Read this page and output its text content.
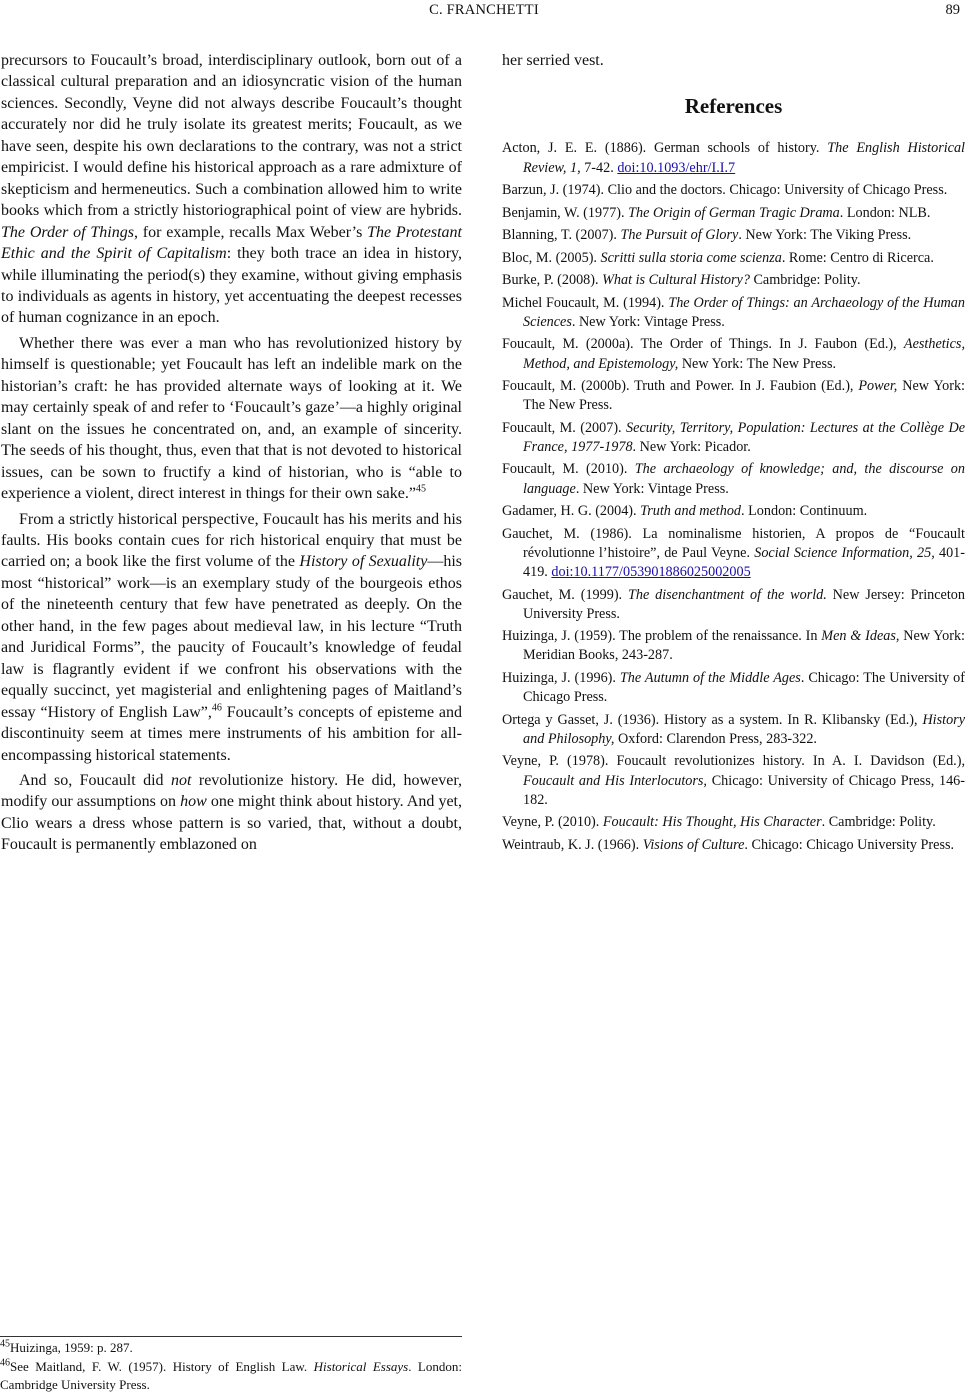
C. FRANCHETTI	89

precursors to Foucault’s broad, interdisciplinary outlook, born out of a classical cultural preparation and an idiosyncratic vision of the human sciences. Secondly, Veyne did not always describe Foucault’s thought accurately nor did he truly isolate its greatest merits; Foucault, as we have seen, despite his own declarations to the contrary, was not a strict empiricist. I would define his historical approach as a rare admixture of skepticism and hermeneutics. Such a combination allowed him to write books which from a strictly historiographical point of view are hybrids. The Order of Things, for example, recalls Max Weber’s The Protestant Ethic and the Spirit of Capitalism: they both trace an idea in history, while illuminating the period(s) they examine, without giving emphasis to individuals as agents in history, yet accentuating the deepest recesses of human cognizance in an epoch.

Whether there was ever a man who has revolutionized history by himself is questionable; yet Foucault has left an indelible mark on the historian’s craft: he has provided alternate ways of looking at it. We may certainly speak of and refer to ‘Foucault’s gaze’—a highly original slant on the issues he concentrated on, and, an example of sincerity. The seeds of his thought, thus, even that that is not devoted to historical issues, can be sown to fructify a kind of historian, who is “able to experience a violent, direct interest in things for their own sake.”$^{45}$

From a strictly historical perspective, Foucault has his merits and his faults. His books contain cues for rich historical enquiry that must be carried on; a book like the first volume of the History of Sexuality—his most “historical” work—is an exemplary study of the bourgeois ethos of the nineteenth century that few have penetrated as deeply. On the other hand, in the few pages about medieval law, in his lecture “Truth and Juridical Forms”, the paucity of Foucault’s knowledge of feudal law is flagrantly evident if we confront his observations with the equally succinct, yet magisterial and enlightening pages of Maitland’s essay “History of English Law”,$^{46}$ Foucault’s concepts of episteme and discontinuity seem at times mere instruments of his ambition for all-encompassing historical statements.

And so, Foucault did not revolutionize history. He did, however, modify our assumptions on how one might think about history. And yet, Clio wears a dress whose pattern is so varied, that, without a doubt, Foucault is permanently emblazoned on

her serried vest.

References
Acton, J. E. E. (1886). German schools of history. The English Historical Review, 1, 7-42. doi:10.1093/ehr/I.I.7
Barzun, J. (1974). Clio and the doctors. Chicago: University of Chicago Press.
Benjamin, W. (1977). The Origin of German Tragic Drama. London: NLB.
Blanning, T. (2007). The Pursuit of Glory. New York: The Viking Press.
Bloc, M. (2005). Scritti sulla storia come scienza. Rome: Centro di Ricerca.
Burke, P. (2008). What is Cultural History? Cambridge: Polity.
Michel Foucault, M. (1994). The Order of Things: an Archaeology of the Human Sciences. New York: Vintage Press.
Foucault, M. (2000a). The Order of Things. In J. Faubon (Ed.), Aesthetics, Method, and Epistemology, New York: The New Press.
Foucault, M. (2000b). Truth and Power. In J. Faubion (Ed.), Power, New York: The New Press.
Foucault, M. (2007). Security, Territory, Population: Lectures at the Collège De France, 1977-1978. New York: Picador.
Foucault, M. (2010). The archaeology of knowledge; and, the discourse on language. New York: Vintage Press.
Gadamer, H. G. (2004). Truth and method. London: Continuum.
Gauchet, M. (1986). La nominalisme historien, A propos de “Foucault révolutionne l’histoire”, de Paul Veyne. Social Science Information, 25, 401-419. doi:10.1177/053901886025002005
Gauchet, M. (1999). The disenchantment of the world. New Jersey: Princeton University Press.
Huizinga, J. (1959). The problem of the renaissance. In Men & Ideas, New York: Meridian Books, 243-287.
Huizinga, J. (1996). The Autumn of the Middle Ages. Chicago: The University of Chicago Press.
Ortega y Gasset, J. (1936). History as a system. In R. Klibansky (Ed.), History and Philosophy, Oxford: Clarendon Press, 283-322.
Veyne, P. (1978). Foucault revolutionizes history. In A. I. Davidson (Ed.), Foucault and His Interlocutors, Chicago: University of Chicago Press, 146-182.
Veyne, P. (2010). Foucault: His Thought, His Character. Cambridge: Polity.
Weintraub, K. J. (1966). Visions of Culture. Chicago: Chicago University Press.
$^{45}$Huizinga, 1959: p. 287.
$^{46}$See Maitland, F. W. (1957). History of English Law. Historical Essays. London: Cambridge University Press.
